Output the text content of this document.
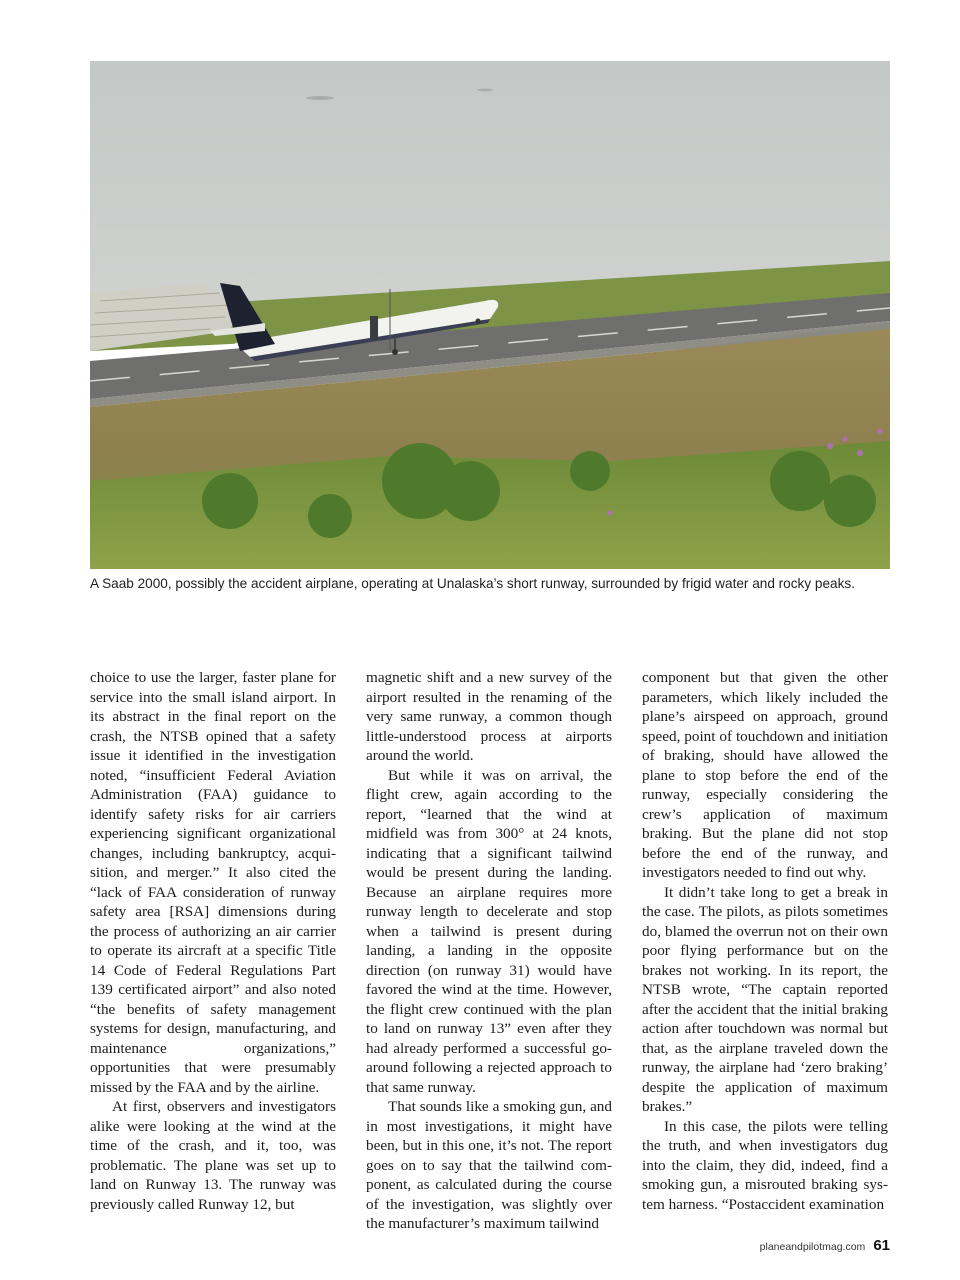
A Saab 2000, possibly the accident airplane, operating at Unalaska’s short runway, surrounded by frigid water and rocky peaks.

choice to use the larger, faster plane for service into the small island airport. In its abstract in the final report on the crash, the NTSB opined that a safety issue it identified in the investigation noted, “insufficient Federal Aviation Administration (FAA) guidance to identify safety risks for air carriers experiencing significant organizational changes, including bankruptcy, acquisition, and merger.” It also cited the “lack of FAA consideration of runway safety area [RSA] dimensions during the process of authorizing an air carrier to operate its aircraft at a specific Title 14 Code of Federal Regulations Part 139 certificated airport” and also noted “the benefits of safety management systems for design, manufacturing, and maintenance organizations,” opportunities that were presumably missed by the FAA and by the airline.

At first, observers and investigators alike were looking at the wind at the time of the crash, and it, too, was problematic. The plane was set up to land on Runway 13. The runway was previously called Runway 12, but

magnetic shift and a new survey of the airport resulted in the renaming of the very same runway, a common though little-understood process at airports around the world.

But while it was on arrival, the flight crew, again according to the report, “learned that the wind at midfield was from 300° at 24 knots, indicating that a significant tailwind would be present during the landing. Because an airplane requires more runway length to decelerate and stop when a tailwind is present during landing, a landing in the opposite direction (on runway 31) would have favored the wind at the time. However, the flight crew continued with the plan to land on runway 13” even after they had already performed a successful go-around following a rejected approach to that same runway.

That sounds like a smoking gun, and in most investigations, it might have been, but in this one, it’s not. The report goes on to say that the tailwind component, as calculated during the course of the investigation, was slightly over the manufacturer’s maximum tailwind

component but that given the other parameters, which likely included the plane’s airspeed on approach, ground speed, point of touchdown and initiation of braking, should have allowed the plane to stop before the end of the runway, especially considering the crew’s application of maximum braking. But the plane did not stop before the end of the runway, and investigators needed to find out why.

It didn’t take long to get a break in the case. The pilots, as pilots sometimes do, blamed the overrun not on their own poor flying performance but on the brakes not working. In its report, the NTSB wrote, “The captain reported after the accident that the initial braking action after touchdown was normal but that, as the airplane traveled down the runway, the airplane had ‘zero braking’ despite the application of maximum brakes.”

In this case, the pilots were telling the truth, and when investigators dug into the claim, they did, indeed, find a smoking gun, a misrouted braking system harness. “Postaccident examination

planeandpilotmag.com 61
